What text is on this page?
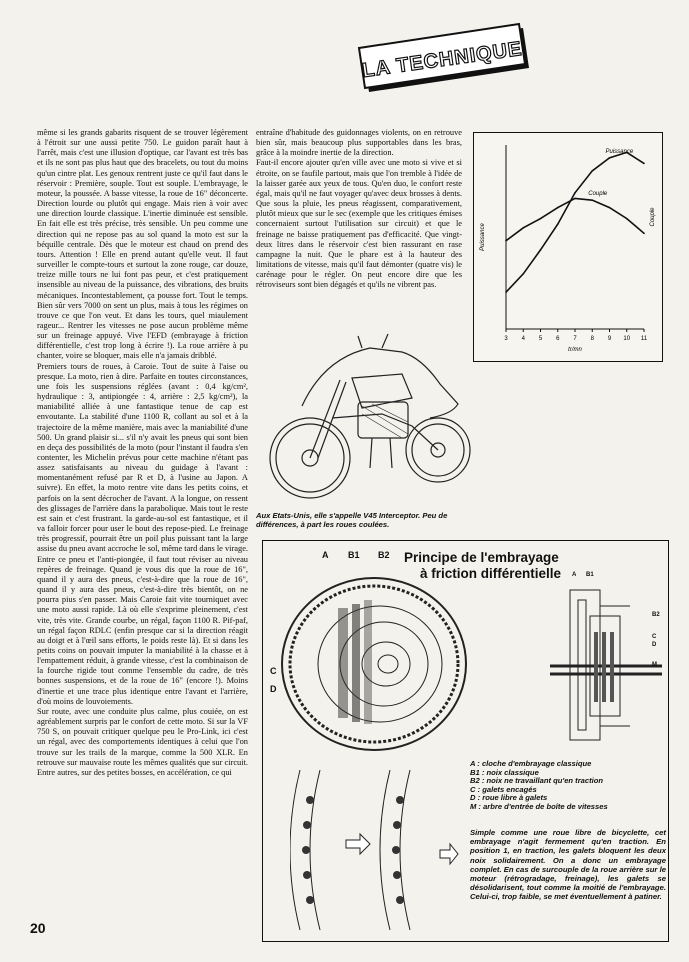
LA TECHNIQUE

même si les grands gabarits risquent de se trouver légèrement à l'étroit sur une aussi petite 750. Le guidon paraît haut à l'arrêt, mais c'est une illusion d'optique, car l'avant est très bas et ils ne sont pas plus haut que des bracelets, ou tout du moins qu'un cintre plat. Les genoux rentrent juste ce qu'il faut dans le réservoir : Première, souple. Tout est souple. L'embrayage, le moteur, la poussée. A basse vitesse, la roue de 16" déconcerte. Direction lourde ou plutôt qui engage. Mais rien à voir avec une direction lourde classique. L'inertie diminuée est sensible. En fait elle est très précise, très sensible. Un peu comme une direction qui ne repose pas au sol quand la moto est sur la béquille centrale. Dès que le moteur est chaud on prend des tours. Attention ! Elle en prend autant qu'elle veut. Il faut surveiller le compte-tours et surtout la zone rouge, car douze, treize mille tours ne lui font pas peur, et c'est pratiquement insensible au niveau de la puissance, des vibrations, des bruits mécaniques. Incontestablement, ça pousse fort. Tout le temps. Bien sûr vers 7000 on sent un plus, mais à tous les régimes on trouve ce que l'on veut. Et dans les tours, quel miaulement rageur... Rentrer les vitesses ne pose aucun problème même sur un freinage appuyé. Vive l'EFD (embrayage à friction différentielle, c'est trop long à écrire !). La roue arrière à pu chanter, voire se bloquer, mais elle n'a jamais dribblé.

Premiers tours de roues, à Caroie. Tout de suite à l'aise ou presque. La moto, rien à dire. Parfaite en toutes circonstances, une fois les suspensions réglées (avant : 0,4 kg/cm², hydraulique : 3, antipiongée : 4, arrière : 2,5 kg/cm²), la maniabilité alliée à une fantastique tenue de cap est envoutante. La stabilité d'une 1100 R, collant au sol et à la trajectoire de la même manière, mais avec la maniabilité d'une 500. Un grand plaisir si... s'il n'y avait les pneus qui sont bien en deça des possibilités de la moto (pour l'instant il faudra s'en contenter, les Michelin prévus pour cette machine n'étant pas assez satisfaisants au niveau du guidage à l'avant : momentanément refusé par R et D, à l'usine au Japon. A suivre). En effet, la moto rentre vite dans les petits coins, et parfois on la sent décrocher de l'avant. A la longue, on ressent des glissages de l'arrière dans la parabolique. Mais tout le reste est sain et c'est frustrant. la garde-au-sol est fantastique, et il va falloir forcer pour user le bout des repose-pied. Le freinage très progressif, pourrait être un poil plus puissant tant la large assise du pneu avant accroche le sol, même tard dans le virage. Entre ce pneu et l'anti-piongée, il faut tout réviser au niveau repères de freinage. Quand je vous dis que la roue de 16", quand il y aura des pneus, c'est-à-dire que la roue de 16", quand il y aura des pneus, c'est-à-dire très bientôt, on ne pourra pius s'en passer. Mais Caroie fait vite tourniquet avec une moto aussi rapide. Là où elle s'exprime pleinement, c'est vite, très vite. Grande courbe, un régal, façon 1100 R. Pif-paf, un régal façon RDLC (enfin presque car si la direction réagit au doigt et à l'œil sans efforts, le poids reste là). Et si dans les petits coins on pouvait imputer la maniabilité à la chasse et à l'empattement réduit, à grande vitesse, c'est la combinaison de la fourche rigide tout comme l'ensemble du cadre, de très bonnes suspensions, et de la roue de 16" (encore !). Moins d'inertie et une trace plus identique entre l'avant et l'arrière, d'où moins de louvoiements.

Sur route, avec une conduite plus calme, plus couiée, on est agréablement surpris par le confort de cette moto. Si sur la VF 750 S, on pouvait critiquer quelque peu le Pro-Link, ici c'est un régal, avec des comportements identiques à celui que l'on trouve sur les trails de la marque, comme la 500 XLR. En retrouve sur mauvaise route les mêmes qualités que sur circuit. Entre autres, sur des petites bosses, en accélération, ce qui

entraîne d'habitude des guidonnages violents, on en retrouve bien sûr, mais beaucoup plus supportables dans les bras, grâce à la moindre inertie de la direction.

Faut-il encore ajouter qu'en ville avec une moto si vive et si étroite, on se faufile partout, mais que l'on tremble à l'idée de la laisser garée aux yeux de tous. Qu'en duo, le confort reste égal, mais qu'il ne faut voyager qu'avec deux brosses à dents. Que sous la pluie, les pneus réagissent, comparativement, plutôt mieux que sur le sec (exemple que les critiques émises concernaient surtout l'utilisation sur circuit) et que le freinage ne baisse pratiquement pas d'efficacité. Que vingt-deux litres dans le réservoir c'est bien rassurant en rase campagne la nuit. Que le phare est à la hauteur des limitations de vitesse, mais qu'il faut démonter (quatre vis) le carénage pour le régler. On peut encore dire que les rétroviseurs sont bien dégagés et qu'ils ne vibrent pas.

3 4 5 6 7 8 9 10 11
tr/mn
Puissance
Couple
Puissance
Couple
Aux Etats-Unis, elle s'appelle V45 Interceptor. Peu de différences, à part les roues coulées.
Principe de l'embrayage
à friction différentielle
A B1 B2
C
D
A B1
B2
C
D
M
A : cloche d'embrayage classique
B1 : noix classique
B2 : noix ne travaillant qu'en traction
C : galets encagés
D : roue libre à galets
M : arbre d'entrée de boîte de vitesses
Simple comme une roue libre de bicyclette, cet embrayage n'agit fermement qu'en traction. En position 1, en traction, les galets bloquent les deux noix solidairement. On a donc un embrayage complet. En cas de surcouple de la roue arrière sur le moteur (rétrogradage, freinage), les galets se désolidarisent, tout comme la moitié de l'embrayage. Celui-ci, trop faible, se met éventuellement à patiner.
20
